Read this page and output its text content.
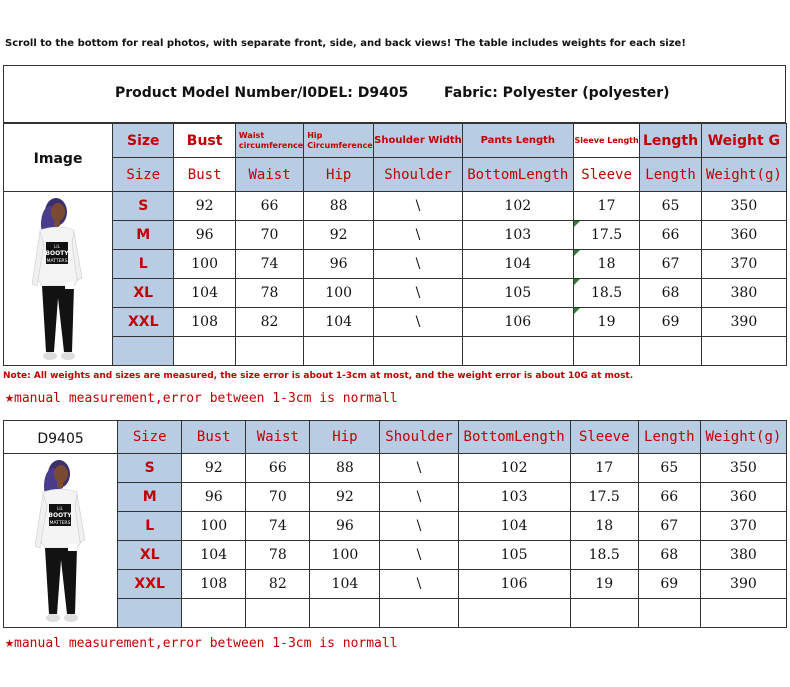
Scroll to the bottom for real photos, with separate front, side, and back views! The table includes weights for each size!
Product Model Number/I0DEL: D9405	Fabric: Polyester (polyester)
Image	Size	Bust	Waist circumference	Hip Circumference	Shoulder Width	Pants Length	Sleeve Length	Length	Weight G
	Size	Bust	Waist	Hip	Shoulder	BottomLength	Sleeve	Length	Weight(g)

LIL
BOOTY
MATTERS	S	92	66	88	\	102	17	65	350
	M	96	70	92	\	103	17.5	66	360
	L	100	74	96	\	104	18	67	370
	XL	104	78	100	\	105	18.5	68	380
	XXL	108	82	104	\	106	19	69	390

Note: All weights and sizes are measured, the size error is about 1-3cm at most, and the weight error is about 10G at most.
★manual measurement,error between 1-3cm is normall
D9405	Size	Bust	Waist	Hip	Shoulder	BottomLength	Sleeve	Length	Weight(g)

LIL
BOOTY
MATTERS	S	92	66	88	\	102	17	65	350
	M	96	70	92	\	103	17.5	66	360
	L	100	74	96	\	104	18	67	370
	XL	104	78	100	\	105	18.5	68	380
	XXL	108	82	104	\	106	19	69	390

★manual measurement,error between 1-3cm is normall
